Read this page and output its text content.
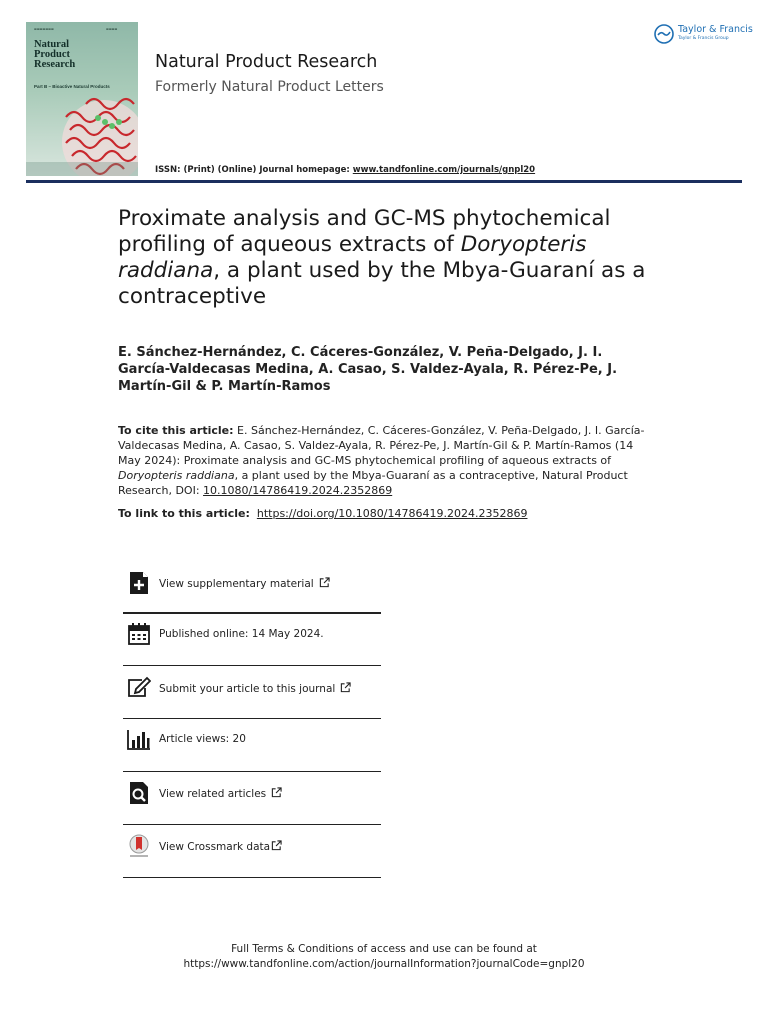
▬▬▬▬▬▬▬	▬▬▬▬
Natural
Product
Research
Part B – Bioactive Natural Products
Natural Product Research
Formerly Natural Product Letters
Taylor & Francis
Taylor & Francis Group
ISSN: (Print) (Online) Journal homepage: www.tandfonline.com/journals/gnpl20
Proximate analysis and GC-MS phytochemical profiling of aqueous extracts of Doryopteris raddiana, a plant used by the Mbya-Guaraní as a contraceptive
E. Sánchez-Hernández, C. Cáceres-González, V. Peña-Delgado, J. I. García-Valdecasas Medina, A. Casao, S. Valdez-Ayala, R. Pérez-Pe, J. Martín-Gil & P. Martín-Ramos
To cite this article: E. Sánchez-Hernández, C. Cáceres-González, V. Peña-Delgado, J. I. García-Valdecasas Medina, A. Casao, S. Valdez-Ayala, R. Pérez-Pe, J. Martín-Gil & P. Martín-Ramos (14 May 2024): Proximate analysis and GC-MS phytochemical profiling of aqueous extracts of Doryopteris raddiana, a plant used by the Mbya-Guaraní as a contraceptive, Natural Product Research, DOI: 10.1080/14786419.2024.2352869
To link to this article: https://doi.org/10.1080/14786419.2024.2352869
View supplementary material
Published online: 14 May 2024.
Submit your article to this journal
Article views: 20
View related articles
View Crossmark data
Full Terms & Conditions of access and use can be found at
https://www.tandfonline.com/action/journalInformation?journalCode=gnpl20
